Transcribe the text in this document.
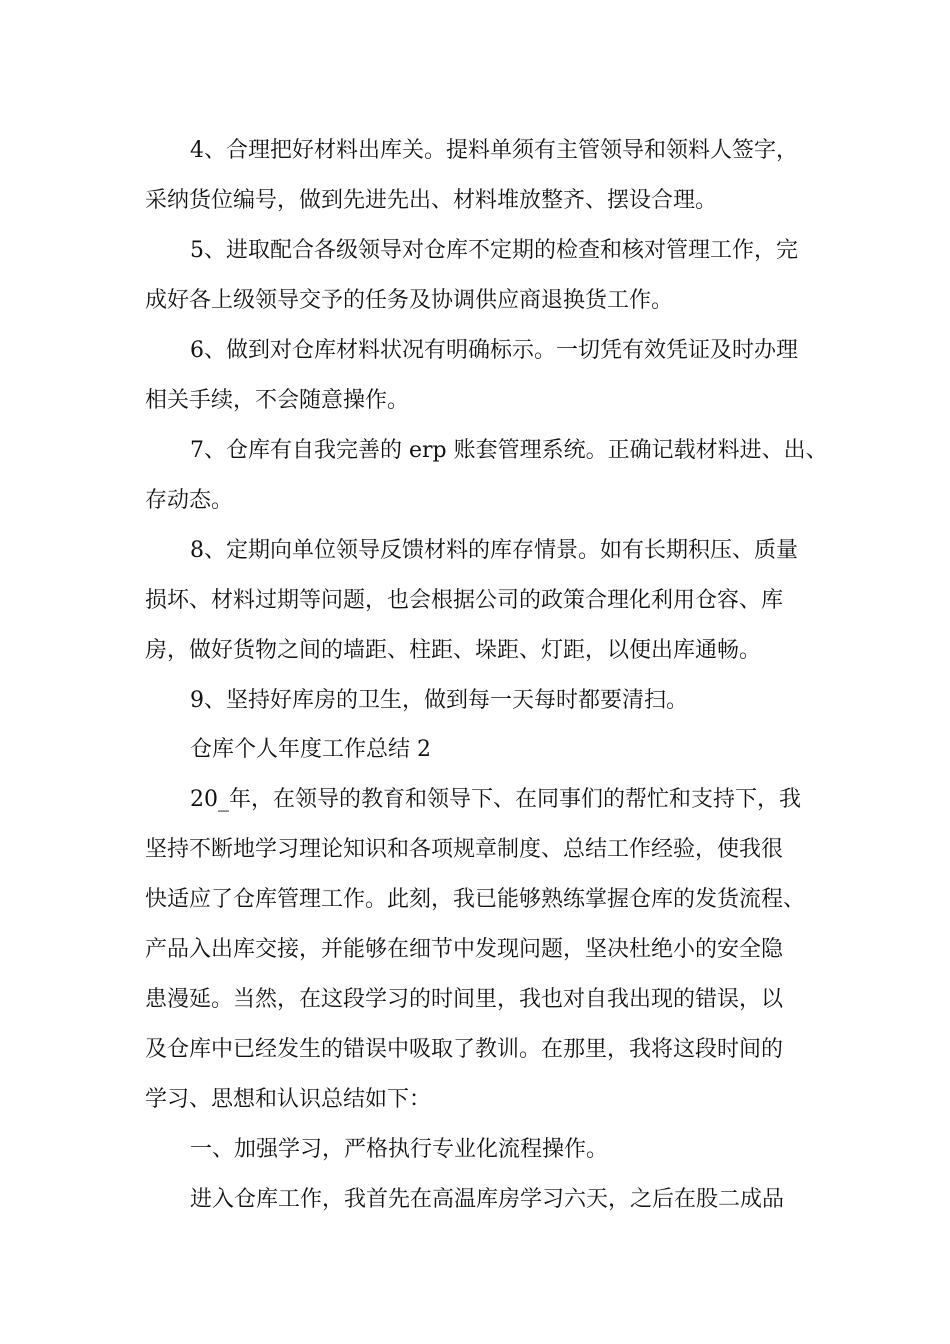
4、合理把好材料出库关。提料单须有主管领导和领料人签字，

采纳货位编号，做到先进先出、材料堆放整齐、摆设合理。

5、进取配合各级领导对仓库不定期的检查和核对管理工作，完

成好各上级领导交予的任务及协调供应商退换货工作。

6、做到对仓库材料状况有明确标示。一切凭有效凭证及时办理

相关手续，不会随意操作。

7、仓库有自我完善的 erp 账套管理系统。正确记载材料进、出、

存动态。

8、定期向单位领导反馈材料的库存情景。如有长期积压、质量

损坏、材料过期等问题，也会根据公司的政策合理化利用仓容、库

房，做好货物之间的墙距、柱距、垛距、灯距，以便出库通畅。

9、坚持好库房的卫生，做到每一天每时都要清扫。

仓库个人年度工作总结 2

20_年，在领导的教育和领导下、在同事们的帮忙和支持下，我

坚持不断地学习理论知识和各项规章制度、总结工作经验，使我很

快适应了仓库管理工作。此刻，我已能够熟练掌握仓库的发货流程、

产品入出库交接，并能够在细节中发现问题，坚决杜绝小的安全隐

患漫延。当然，在这段学习的时间里，我也对自我出现的错误，以

及仓库中已经发生的错误中吸取了教训。在那里，我将这段时间的

学习、思想和认识总结如下：

一、加强学习，严格执行专业化流程操作。

进入仓库工作，我首先在高温库房学习六天，之后在股二成品
